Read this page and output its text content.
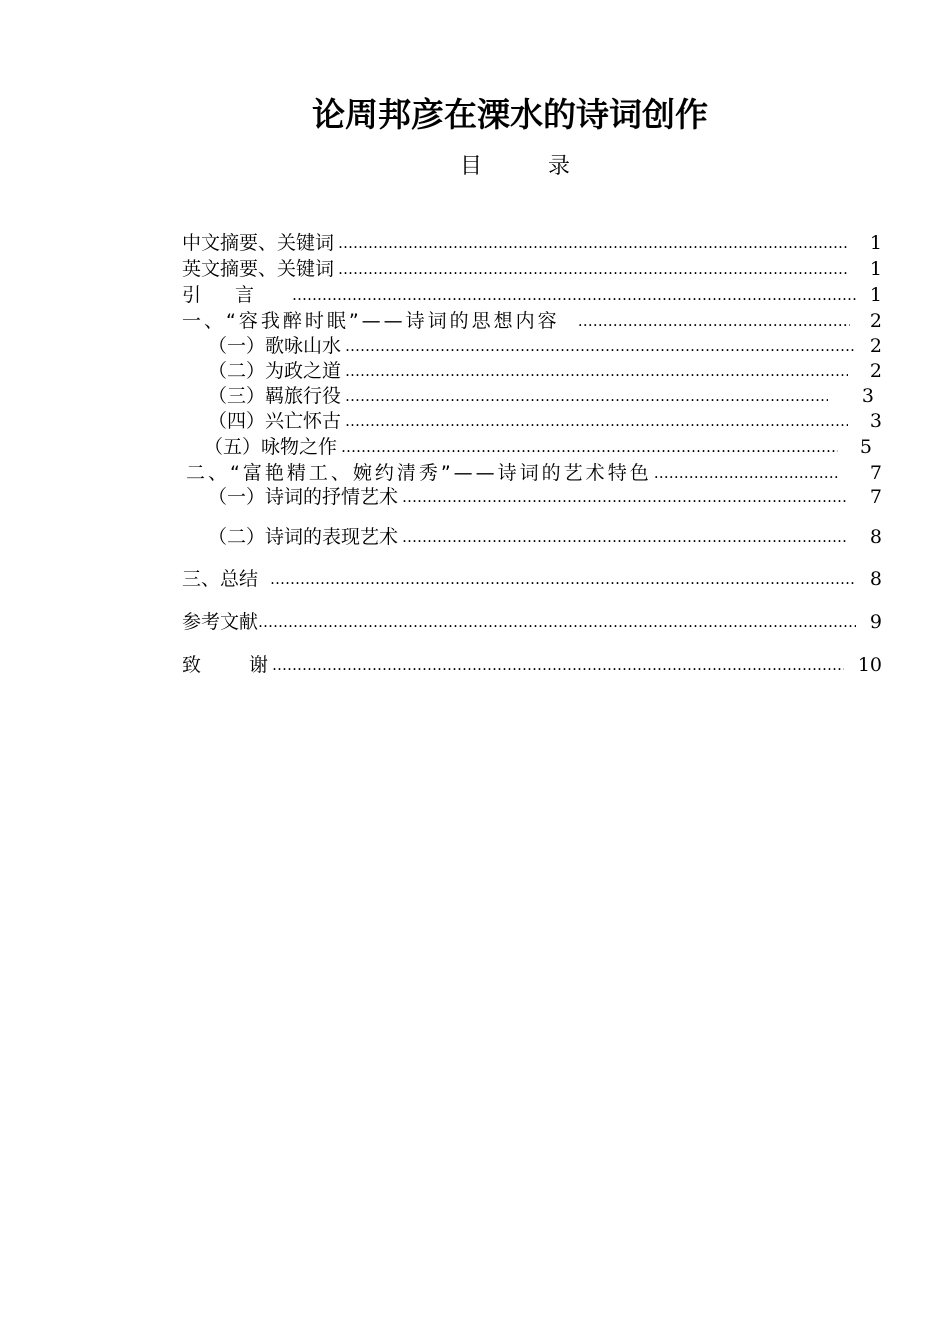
论周邦彦在溧水的诗词创作
目	录
中文摘要、关键词 …………………………………………………………………………………………………………………………………………………………………………	1
英文摘要、关键词 …………………………………………………………………………………………………………………………………………………………………………	1
引言 …………………………………………………………………………………………………………………………………………………………………………	1
一、“容我醉时眠”——诗词的思想内容 …………………………………………………………………………………………………………………………………………………………………………	2
（一）歌咏山水 …………………………………………………………………………………………………………………………………………………………………………	2
（二）为政之道 …………………………………………………………………………………………………………………………………………………………………………	2
（三）羁旅行役 …………………………………………………………………………………………………………………………………………………………………………	3
（四）兴亡怀古 …………………………………………………………………………………………………………………………………………………………………………	3
（五）咏物之作 …………………………………………………………………………………………………………………………………………………………………………	5
二、“富艳精工、婉约清秀”——诗词的艺术特色 …………………………………………………………………………………………………………………………………………………………………………	7
（一）诗词的抒情艺术 …………………………………………………………………………………………………………………………………………………………………………	7
（二）诗词的表现艺术 …………………………………………………………………………………………………………………………………………………………………………	8
三、总结 …………………………………………………………………………………………………………………………………………………………………………	8
参考文献 …………………………………………………………………………………………………………………………………………………………………………	9
致谢 …………………………………………………………………………………………………………………………………………………………………………	10
